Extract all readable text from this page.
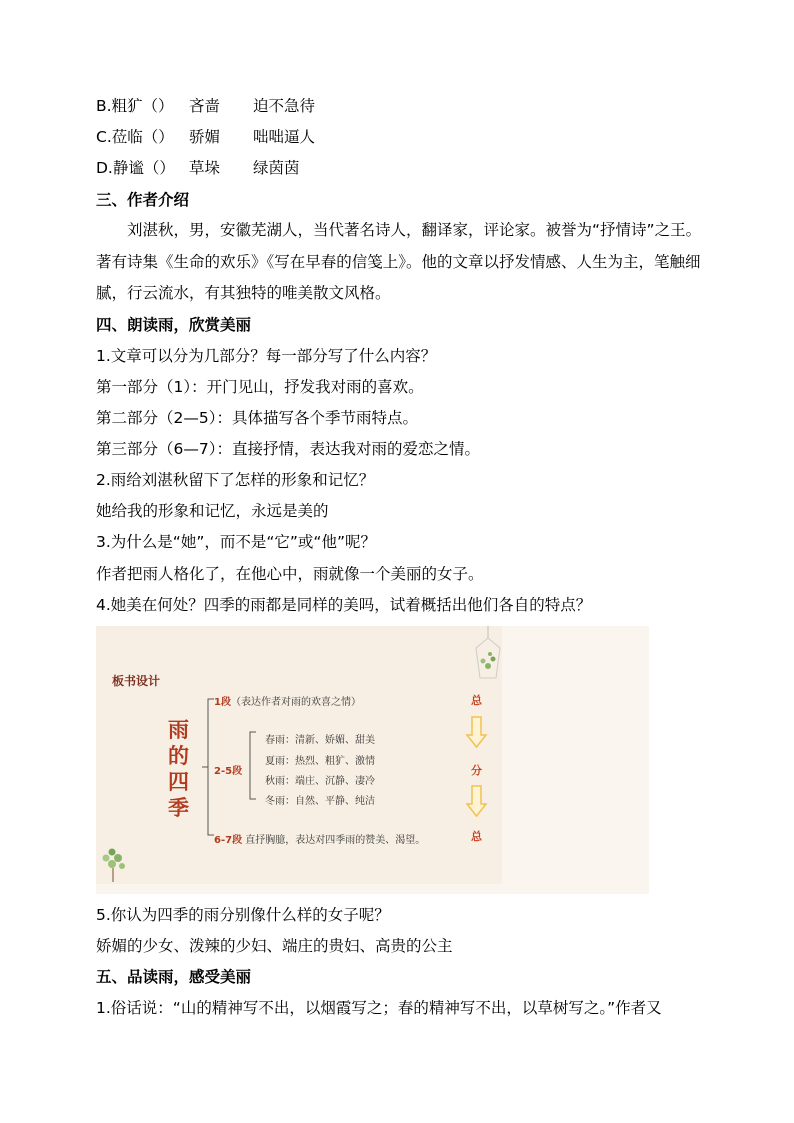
B.粗犷（） 吝啬 迫不急待
C.莅临（） 骄媚 咄咄逼人
D.静谧（） 草垛 绿茵茵
三、作者介绍
刘湛秋，男，安徽芜湖人，当代著名诗人，翻译家，评论家。被誉为“抒情诗”之王。著有诗集《生命的欢乐》《写在早春的信笺上》。他的文章以抒发情感、人生为主，笔触细腻，行云流水，有其独特的唯美散文风格。
四、朗读雨，欣赏美丽
1.文章可以分为几部分？每一部分写了什么内容？
第一部分（1）：开门见山，抒发我对雨的喜欢。
第二部分（2—5）：具体描写各个季节雨特点。
第三部分（6—7）：直接抒情，表达我对雨的爱恋之情。
2.雨给刘湛秋留下了怎样的形象和记忆？
她给我的形象和记忆，永远是美的
3.为什么是“她”，而不是“它”或“他”呢？
作者把雨人格化了，在他心中，雨就像一个美丽的女子。
4.她美在何处？四季的雨都是同样的美吗，试着概括出他们各自的特点？
板书设计
雨
的
四
季
1段（表达作者对雨的欢喜之情）
2-5段
春雨：清新、娇媚、甜美
夏雨：热烈、粗犷、激情
秋雨：端庄、沉静、凄冷
冬雨：自然、平静、纯洁
6-7段 直抒胸臆，表达对四季雨的赞美、渴望。
总
分
总
5.你认为四季的雨分别像什么样的女子呢？
娇媚的少女、泼辣的少妇、端庄的贵妇、高贵的公主
五、品读雨，感受美丽
1.俗话说：“山的精神写不出，以烟霞写之；春的精神写不出，以草树写之。”作者又
